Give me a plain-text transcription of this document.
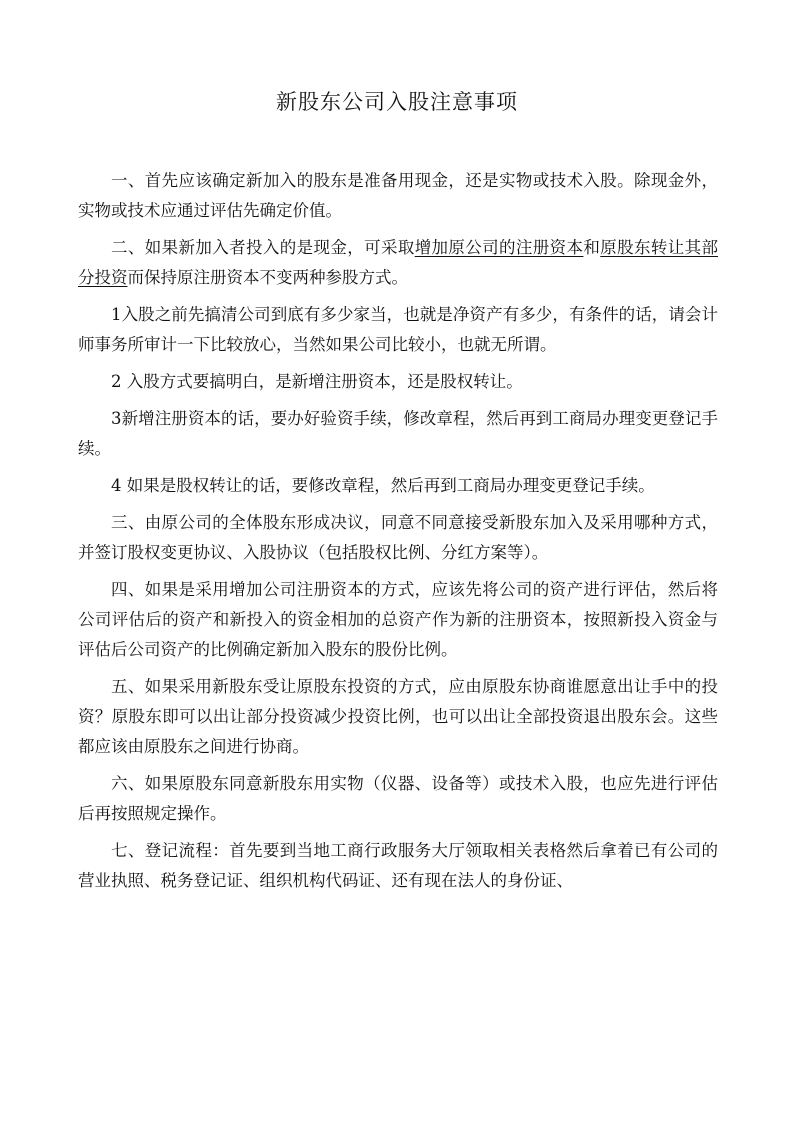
新股东公司入股注意事项

一、首先应该确定新加入的股东是准备用现金，还是实物或技术入股。除现金外，实物或技术应通过评估先确定价值。

二、如果新加入者投入的是现金，可采取增加原公司的注册资本和原股东转让其部分投资而保持原注册资本不变两种参股方式。

1入股之前先搞清公司到底有多少家当，也就是净资产有多少，有条件的话，请会计师事务所审计一下比较放心，当然如果公司比较小，也就无所谓。

2 入股方式要搞明白，是新增注册资本，还是股权转让。

3新增注册资本的话，要办好验资手续，修改章程，然后再到工商局办理变更登记手续。

4 如果是股权转让的话，要修改章程，然后再到工商局办理变更登记手续。

三、由原公司的全体股东形成决议，同意不同意接受新股东加入及采用哪种方式，并签订股权变更协议、入股协议（包括股权比例、分红方案等）。

四、如果是采用增加公司注册资本的方式，应该先将公司的资产进行评估，然后将公司评估后的资产和新投入的资金相加的总资产作为新的注册资本，按照新投入资金与评估后公司资产的比例确定新加入股东的股份比例。

五、如果采用新股东受让原股东投资的方式，应由原股东协商谁愿意出让手中的投资？原股东即可以出让部分投资减少投资比例，也可以出让全部投资退出股东会。这些都应该由原股东之间进行协商。

六、如果原股东同意新股东用实物（仪器、设备等）或技术入股，也应先进行评估后再按照规定操作。

七、登记流程：首先要到当地工商行政服务大厅领取相关表格然后拿着已有公司的营业执照、税务登记证、组织机构代码证、还有现在法人的身份证、
